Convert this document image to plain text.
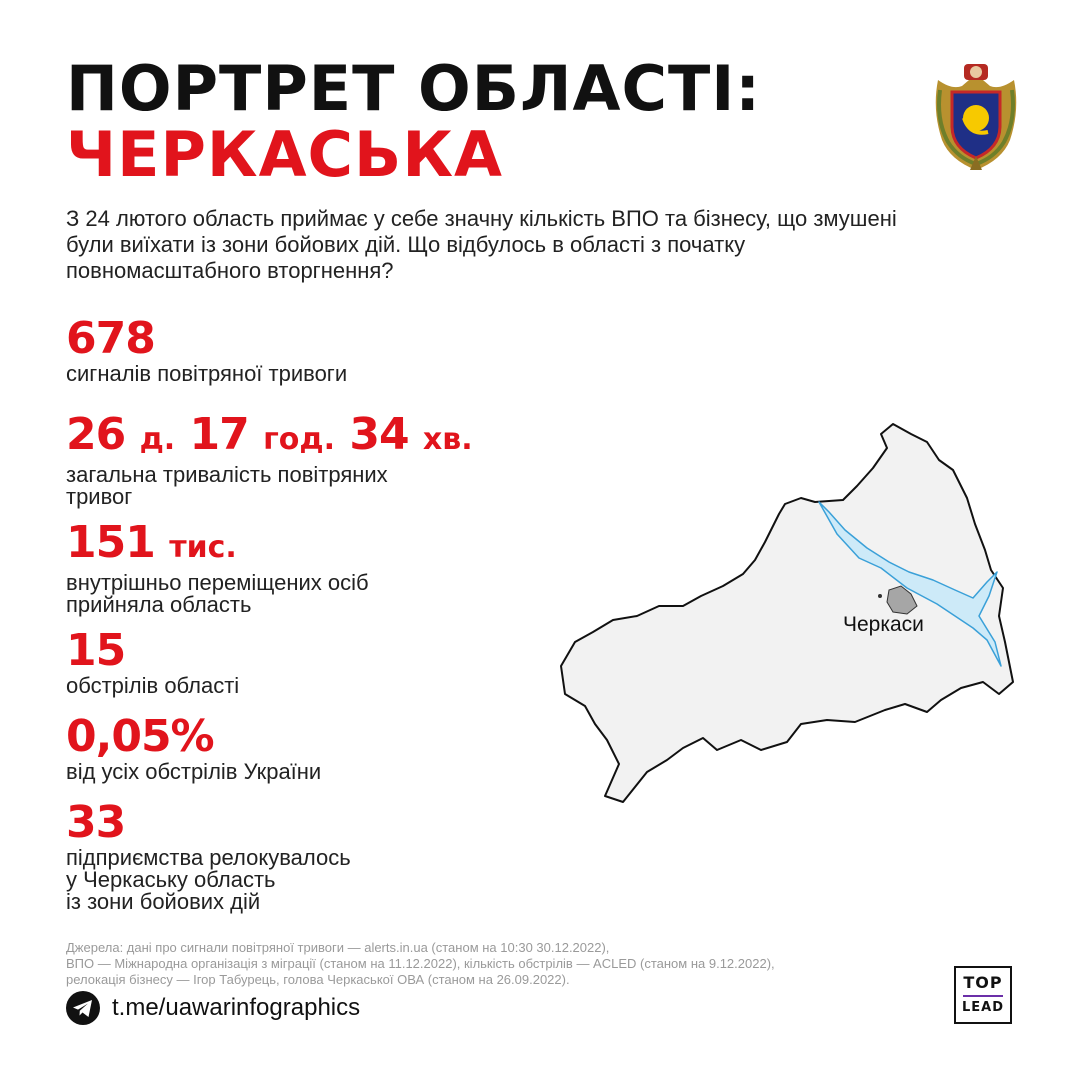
ПОРТРЕТ ОБЛАСТІ:
ЧЕРКАСЬКА

З 24 лютого область приймає у себе значну кількість ВПО та бізнесу, що змушені були виїхати із зони бойових дій. Що відбулось в області з початку повномасштабного вторгнення?

678
сигналів повітряної тривоги
26 д. 17 год. 34 хв.
загальна тривалість повітряних
тривог
151 тис.
внутрішньо переміщених осіб
прийняла область
15
обстрілів області
0,05%
від усіх обстрілів України
33
підприємства релокувалось
у Черкаську область
із зони бойових дій
Черкаси

Джерела: дані про сигнали повітряної тривоги — alerts.in.ua (станом на 10:30 30.12.2022),
ВПО — Міжнародна організація з міграції (станом на 11.12.2022), кількість обстрілів — ACLED (станом на 9.12.2022),
релокація бізнесу — Ігор Табурець, голова Черкаської ОВА (станом на 26.09.2022).

t.me/uawarinfographics
TOP
LEAD
